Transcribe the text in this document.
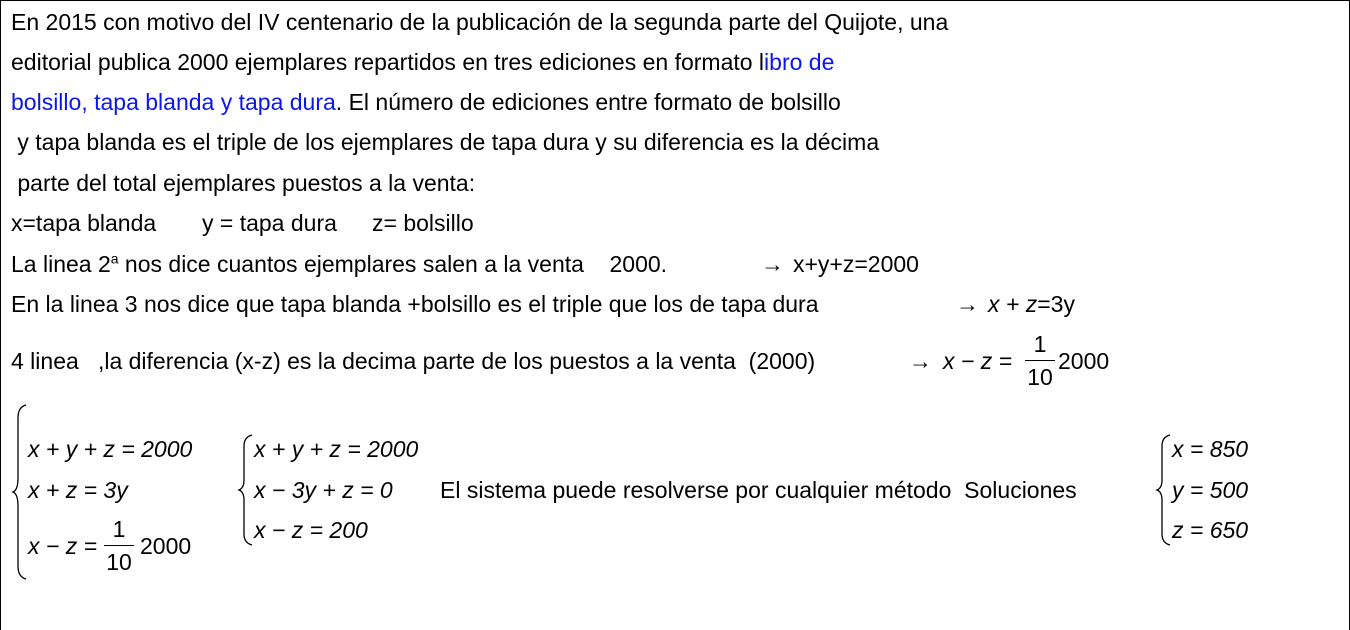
En 2015 con motivo del IV centenario de la publicación de la segunda parte del Quijote, una
editorial publica 2000 ejemplares repartidos en tres ediciones en formato libro de
bolsillo, tapa blanda y tapa dura. El número de ediciones entre formato de bolsillo
y tapa blanda es el triple de los ejemplares de tapa dura y su diferencia es la décima
parte del total ejemplares puestos a la venta:
x=tapa blanda y = tapa dura z= bolsillo
La linea 2$^a$ nos dice cuantos ejemplares salen a la venta    2000.	→ x+y+z=2000
En la linea 3 nos dice que tapa blanda +bolsillo es el triple que los de tapa dura	→ x + z=3y
4 linea   ,la diferencia (x-z) es la decima parte de los puestos a la venta  (2000)	→ x − z =
1
10
2000
x + y + z = 2000
x + z = 3y
x − z =
1
10
2000
x + y + z = 2000
x − 3y + z = 0
x − z = 200
El sistema puede resolverse por cualquier método  Soluciones
x = 850
y = 500
z = 650
